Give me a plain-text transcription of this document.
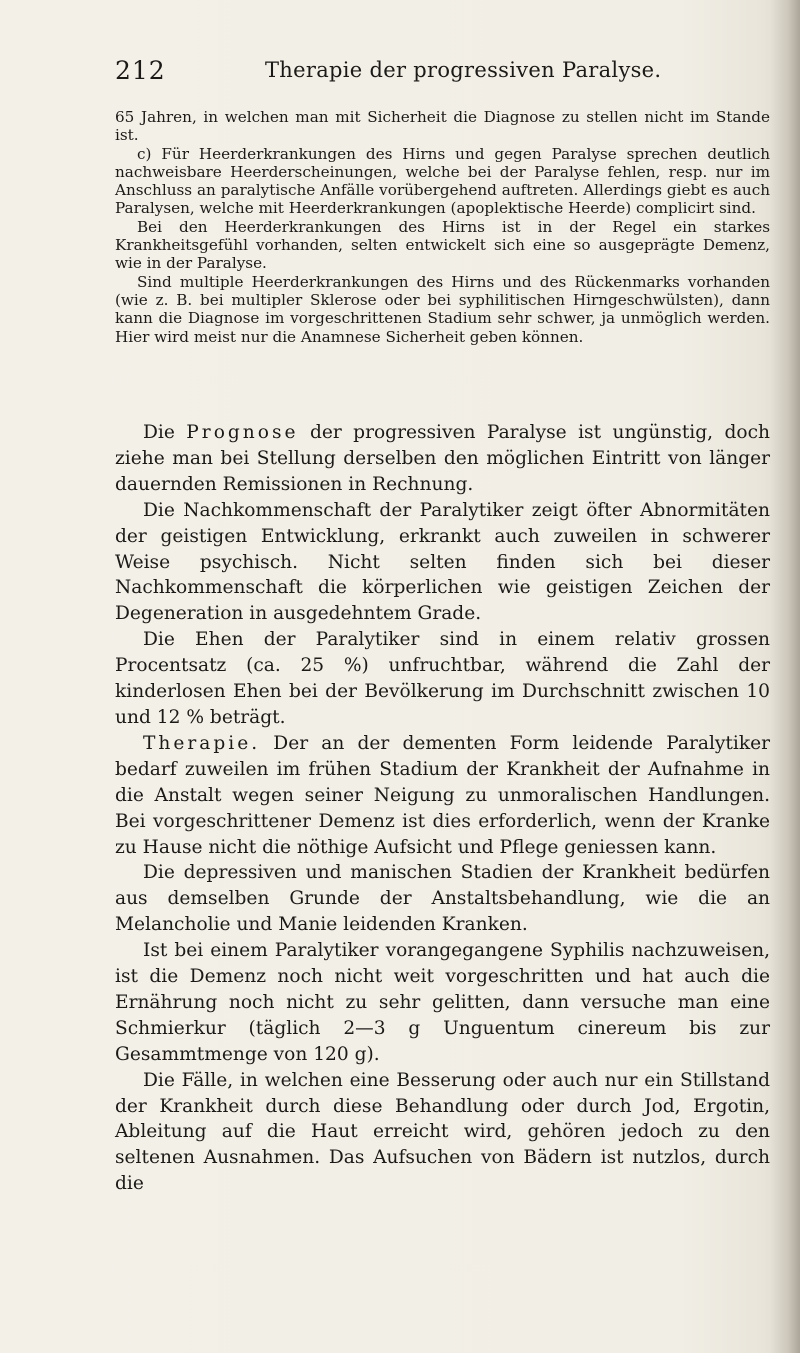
212	Therapie der progressiven Paralyse.

65 Jahren, in welchen man mit Sicherheit die Diagnose zu stellen nicht im Stande ist.

c) Für Heerderkrankungen des Hirns und gegen Paralyse sprechen deutlich nachweisbare Heerderscheinungen, welche bei der Paralyse fehlen, resp. nur im Anschluss an paralytische Anfälle vorübergehend auftreten. Allerdings giebt es auch Paralysen, welche mit Heerderkrankungen (apoplektische Heerde) complicirt sind.

Bei den Heerderkrankungen des Hirns ist in der Regel ein starkes Krankheitsgefühl vorhanden, selten entwickelt sich eine so ausgeprägte Demenz, wie in der Paralyse.

Sind multiple Heerderkrankungen des Hirns und des Rückenmarks vorhanden (wie z. B. bei multipler Sklerose oder bei syphilitischen Hirngeschwülsten), dann kann die Diagnose im vorgeschrittenen Stadium sehr schwer, ja unmöglich werden. Hier wird meist nur die Anamnese Sicherheit geben können.

Die Prognose der progressiven Paralyse ist ungünstig, doch ziehe man bei Stellung derselben den möglichen Eintritt von länger dauernden Remissionen in Rechnung.

Die Nachkommenschaft der Paralytiker zeigt öfter Abnormitäten der geistigen Entwicklung, erkrankt auch zuweilen in schwerer Weise psychisch. Nicht selten finden sich bei dieser Nachkommenschaft die körperlichen wie geistigen Zeichen der Degeneration in ausgedehntem Grade.

Die Ehen der Paralytiker sind in einem relativ grossen Procentsatz (ca. 25 %) unfruchtbar, während die Zahl der kinderlosen Ehen bei der Bevölkerung im Durchschnitt zwischen 10 und 12 % beträgt.

Therapie. Der an der dementen Form leidende Paralytiker bedarf zuweilen im frühen Stadium der Krankheit der Aufnahme in die Anstalt wegen seiner Neigung zu unmoralischen Handlungen. Bei vorgeschrittener Demenz ist dies erforderlich, wenn der Kranke zu Hause nicht die nöthige Aufsicht und Pflege geniessen kann.

Die depressiven und manischen Stadien der Krankheit bedürfen aus demselben Grunde der Anstaltsbehandlung, wie die an Melancholie und Manie leidenden Kranken.

Ist bei einem Paralytiker vorangegangene Syphilis nachzuweisen, ist die Demenz noch nicht weit vorgeschritten und hat auch die Ernährung noch nicht zu sehr gelitten, dann versuche man eine Schmierkur (täglich 2—3 g Unguentum cinereum bis zur Gesammtmenge von 120 g).

Die Fälle, in welchen eine Besserung oder auch nur ein Stillstand der Krankheit durch diese Behandlung oder durch Jod, Ergotin, Ableitung auf die Haut erreicht wird, gehören jedoch zu den seltenen Ausnahmen. Das Aufsuchen von Bädern ist nutzlos, durch die
